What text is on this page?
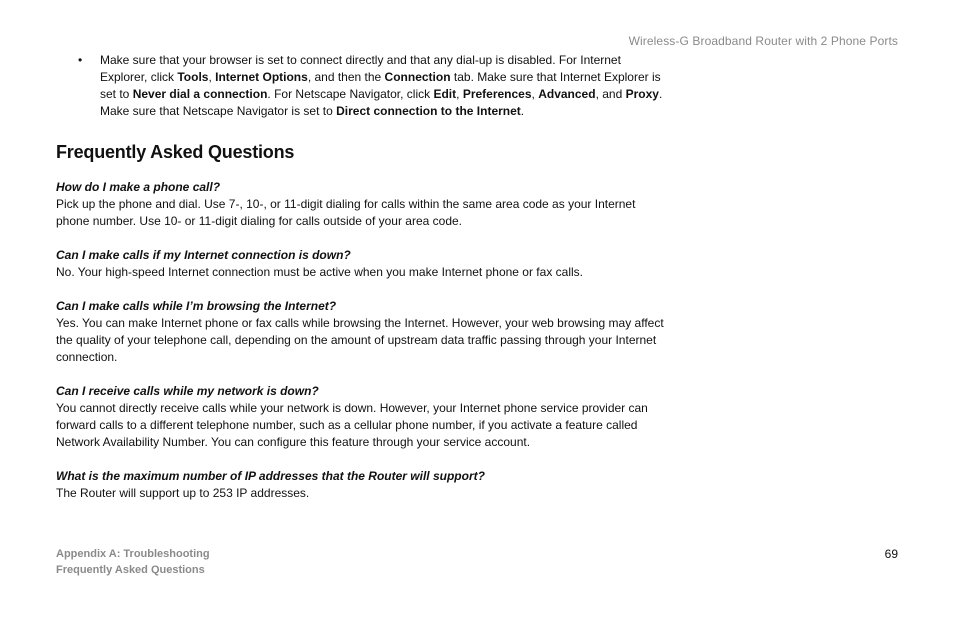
Wireless-G Broadband Router with 2 Phone Ports
• Make sure that your browser is set to connect directly and that any dial-up is disabled. For Internet Explorer, click Tools, Internet Options, and then the Connection tab. Make sure that Internet Explorer is set to Never dial a connection. For Netscape Navigator, click Edit, Preferences, Advanced, and Proxy. Make sure that Netscape Navigator is set to Direct connection to the Internet.
Frequently Asked Questions
How do I make a phone call?
Pick up the phone and dial. Use 7-, 10-, or 11-digit dialing for calls within the same area code as your Internet phone number. Use 10- or 11-digit dialing for calls outside of your area code.
Can I make calls if my Internet connection is down?
No. Your high-speed Internet connection must be active when you make Internet phone or fax calls.
Can I make calls while I’m browsing the Internet?
Yes. You can make Internet phone or fax calls while browsing the Internet. However, your web browsing may affect the quality of your telephone call, depending on the amount of upstream data traffic passing through your Internet connection.
Can I receive calls while my network is down?
You cannot directly receive calls while your network is down. However, your Internet phone service provider can forward calls to a different telephone number, such as a cellular phone number, if you activate a feature called Network Availability Number. You can configure this feature through your service account.
What is the maximum number of IP addresses that the Router will support?
The Router will support up to 253 IP addresses.
Appendix A: Troubleshooting
Frequently Asked Questions
69
